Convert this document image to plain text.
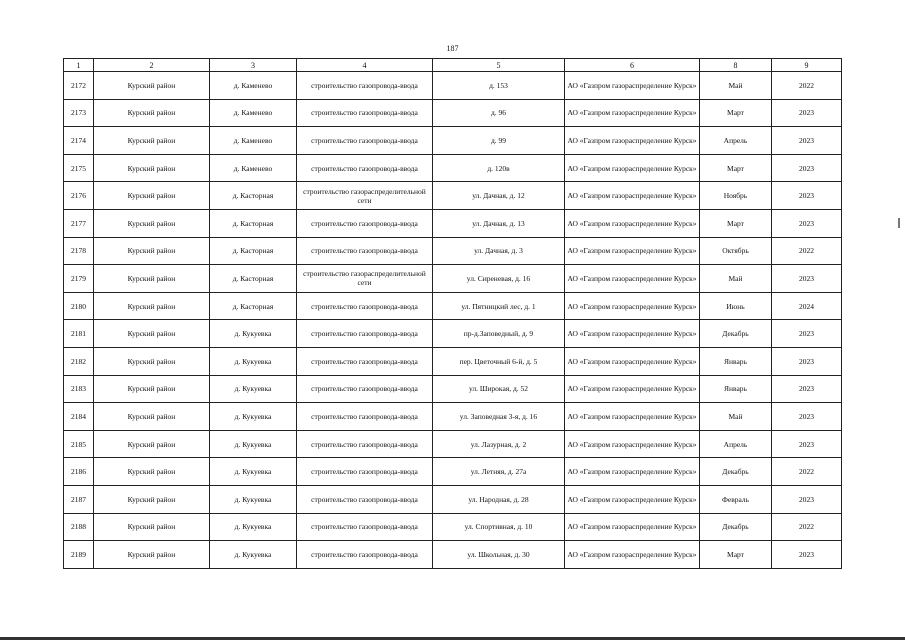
187
1	2	3	4	5	6	8	9
2172	Курский район	д. Каменево	строительство газопровода-ввода	д. 153	АО «Газпром газораспределение Курск»	Май	2022
2173	Курский район	д. Каменево	строительство газопровода-ввода	д. 96	АО «Газпром газораспределение Курск»	Март	2023
2174	Курский район	д. Каменево	строительство газопровода-ввода	д. 99	АО «Газпром газораспределение Курск»	Апрель	2023
2175	Курский район	д. Каменево	строительство газопровода-ввода	д. 120в	АО «Газпром газораспределение Курск»	Март	2023
2176	Курский район	д. Касторная	строительство газораспределительной сети	ул. Дачная, д. 12	АО «Газпром газораспределение Курск»	Ноябрь	2023
2177	Курский район	д. Касторная	строительство газопровода-ввода	ул. Дачная, д. 13	АО «Газпром газораспределение Курск»	Март	2023
2178	Курский район	д. Касторная	строительство газопровода-ввода	ул. Дачная, д. 3	АО «Газпром газораспределение Курск»	Октябрь	2022
2179	Курский район	д. Касторная	строительство газораспределительной сети	ул. Сиреневая, д. 16	АО «Газпром газораспределение Курск»	Май	2023
2180	Курский район	д. Касторная	строительство газопровода-ввода	ул. Пятницкий лес, д. 1	АО «Газпром газораспределение Курск»	Июнь	2024
2181	Курский район	д. Кукуевка	строительство газопровода-ввода	пр-д.Заповедный, д. 9	АО «Газпром газораспределение Курск»	Декабрь	2023
2182	Курский район	д. Кукуевка	строительство газопровода-ввода	пер. Цветочный 6-й, д. 5	АО «Газпром газораспределение Курск»	Январь	2023
2183	Курский район	д. Кукуевка	строительство газопровода-ввода	ул. Широкая, д. 52	АО «Газпром газораспределение Курск»	Январь	2023
2184	Курский район	д. Кукуевка	строительство газопровода-ввода	ул. Заповедная 3-я, д. 16	АО «Газпром газораспределение Курск»	Май	2023
2185	Курский район	д. Кукуевка	строительство газопровода-ввода	ул. Лазурная, д. 2	АО «Газпром газораспределение Курск»	Апрель	2023
2186	Курский район	д. Кукуевка	строительство газопровода-ввода	ул. Летняя, д. 27а	АО «Газпром газораспределение Курск»	Декабрь	2022
2187	Курский район	д. Кукуевка	строительство газопровода-ввода	ул. Народная, д. 28	АО «Газпром газораспределение Курск»	Февраль	2023
2188	Курский район	д. Кукуевка	строительство газопровода-ввода	ул. Спортивная, д. 10	АО «Газпром газораспределение Курск»	Декабрь	2022
2189	Курский район	д. Кукуевка	строительство газопровода-ввода	ул. Школьная, д. 30	АО «Газпром газораспределение Курск»	Март	2023
